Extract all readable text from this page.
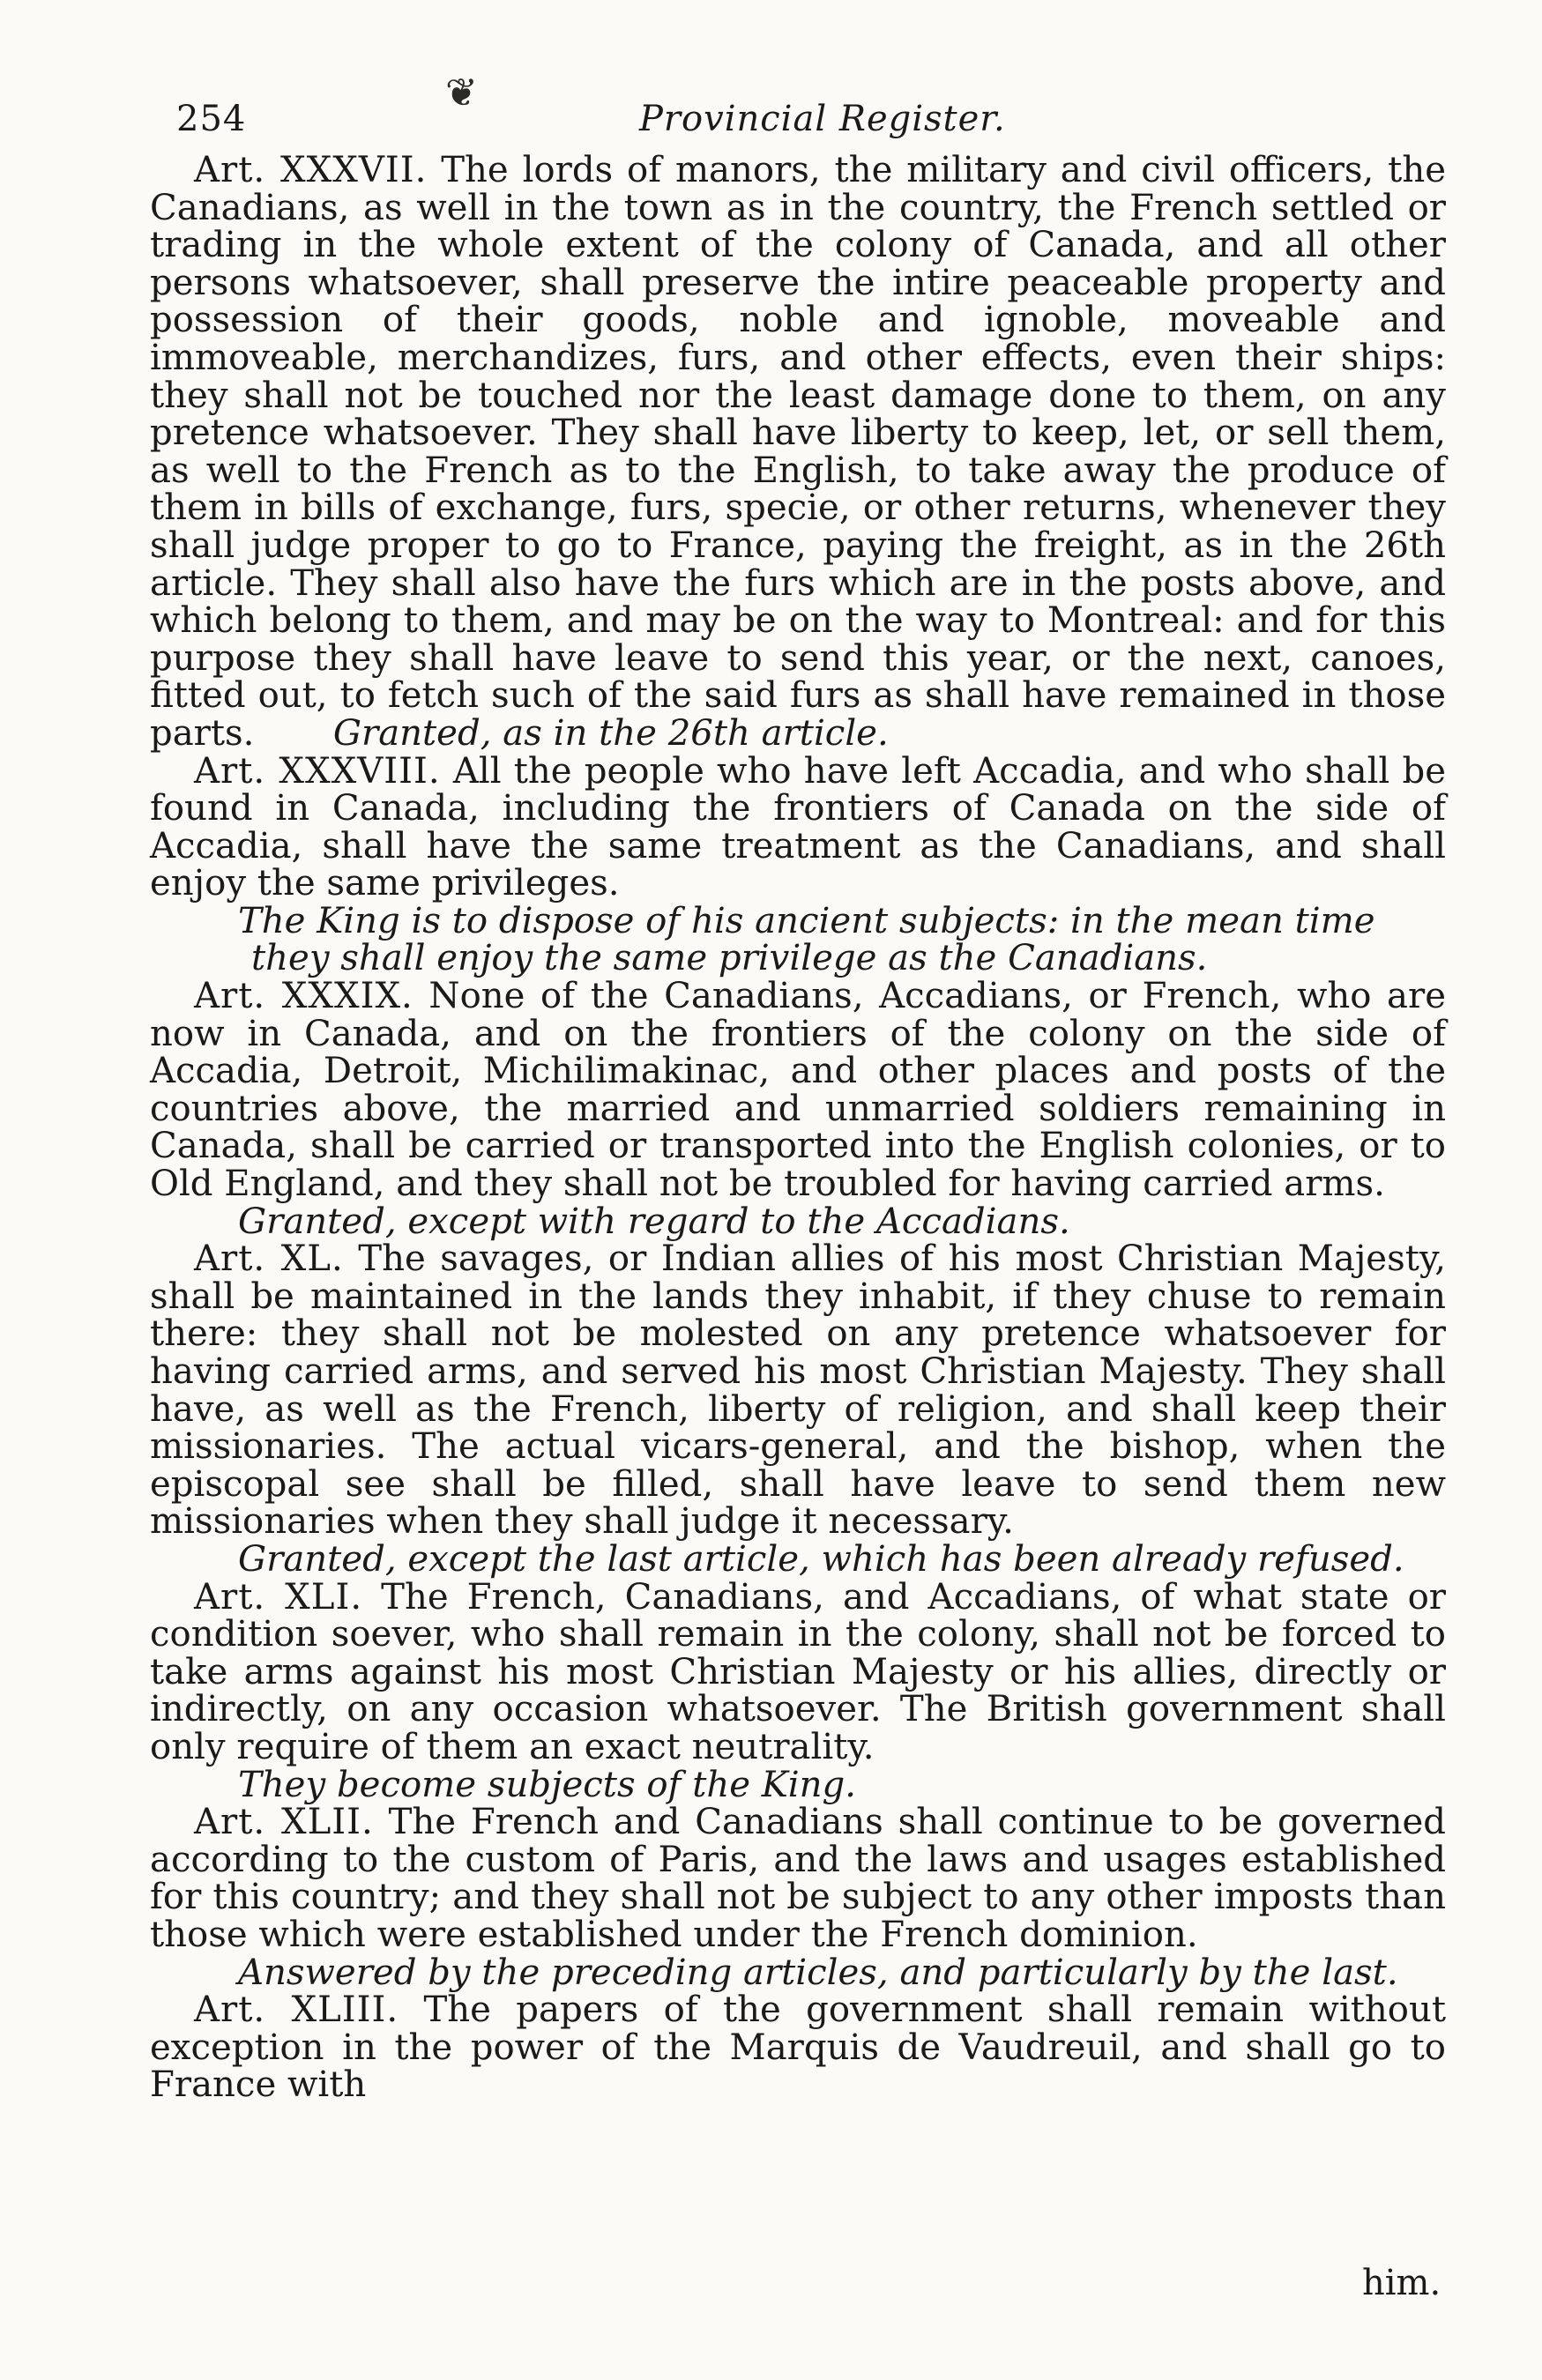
❦
254	Provincial Register.

Art. XXXVII. The lords of manors, the military and civil officers, the Canadians, as well in the town as in the country, the French settled or trading in the whole extent of the colony of Canada, and all other persons whatsoever, shall preserve the intire peaceable property and possession of their goods, noble and ignoble, moveable and immoveable, merchandizes, furs, and other effects, even their ships: they shall not be touched nor the least damage done to them, on any pretence whatsoever. They shall have liberty to keep, let, or sell them, as well to the French as to the English, to take away the produce of them in bills of exchange, furs, specie, or other returns, whenever they shall judge proper to go to France, paying the freight, as in the 26th article. They shall also have the furs which are in the posts above, and which belong to them, and may be on the way to Montreal: and for this purpose they shall have leave to send this year, or the next, canoes, fitted out, to fetch such of the said furs as shall have remained in those parts. Granted, as in the 26th article.

Art. XXXVIII. All the people who have left Accadia, and who shall be found in Canada, including the frontiers of Canada on the side of Accadia, shall have the same treatment as the Canadians, and shall enjoy the same privileges.

The King is to dispose of his ancient subjects: in the mean time they shall enjoy the same privilege as the Canadians.

Art. XXXIX. None of the Canadians, Accadians, or French, who are now in Canada, and on the frontiers of the colony on the side of Accadia, Detroit, Michilimakinac, and other places and posts of the countries above, the married and unmarried soldiers remaining in Canada, shall be carried or transported into the English colonies, or to Old England, and they shall not be troubled for having carried arms.

Granted, except with regard to the Accadians.

Art. XL. The savages, or Indian allies of his most Christian Majesty, shall be maintained in the lands they inhabit, if they chuse to remain there: they shall not be molested on any pretence whatsoever for having carried arms, and served his most Christian Majesty. They shall have, as well as the French, liberty of religion, and shall keep their missionaries. The actual vicars-general, and the bishop, when the episcopal see shall be filled, shall have leave to send them new missionaries when they shall judge it necessary.

Granted, except the last article, which has been already refused.

Art. XLI. The French, Canadians, and Accadians, of what state or condition soever, who shall remain in the colony, shall not be forced to take arms against his most Christian Majesty or his allies, directly or indirectly, on any occasion whatsoever. The British government shall only require of them an exact neutrality.

They become subjects of the King.

Art. XLII. The French and Canadians shall continue to be governed according to the custom of Paris, and the laws and usages established for this country; and they shall not be subject to any other imposts than those which were established under the French dominion.

Answered by the preceding articles, and particularly by the last.

Art. XLIII. The papers of the government shall remain without exception in the power of the Marquis de Vaudreuil, and shall go to France with

him.
